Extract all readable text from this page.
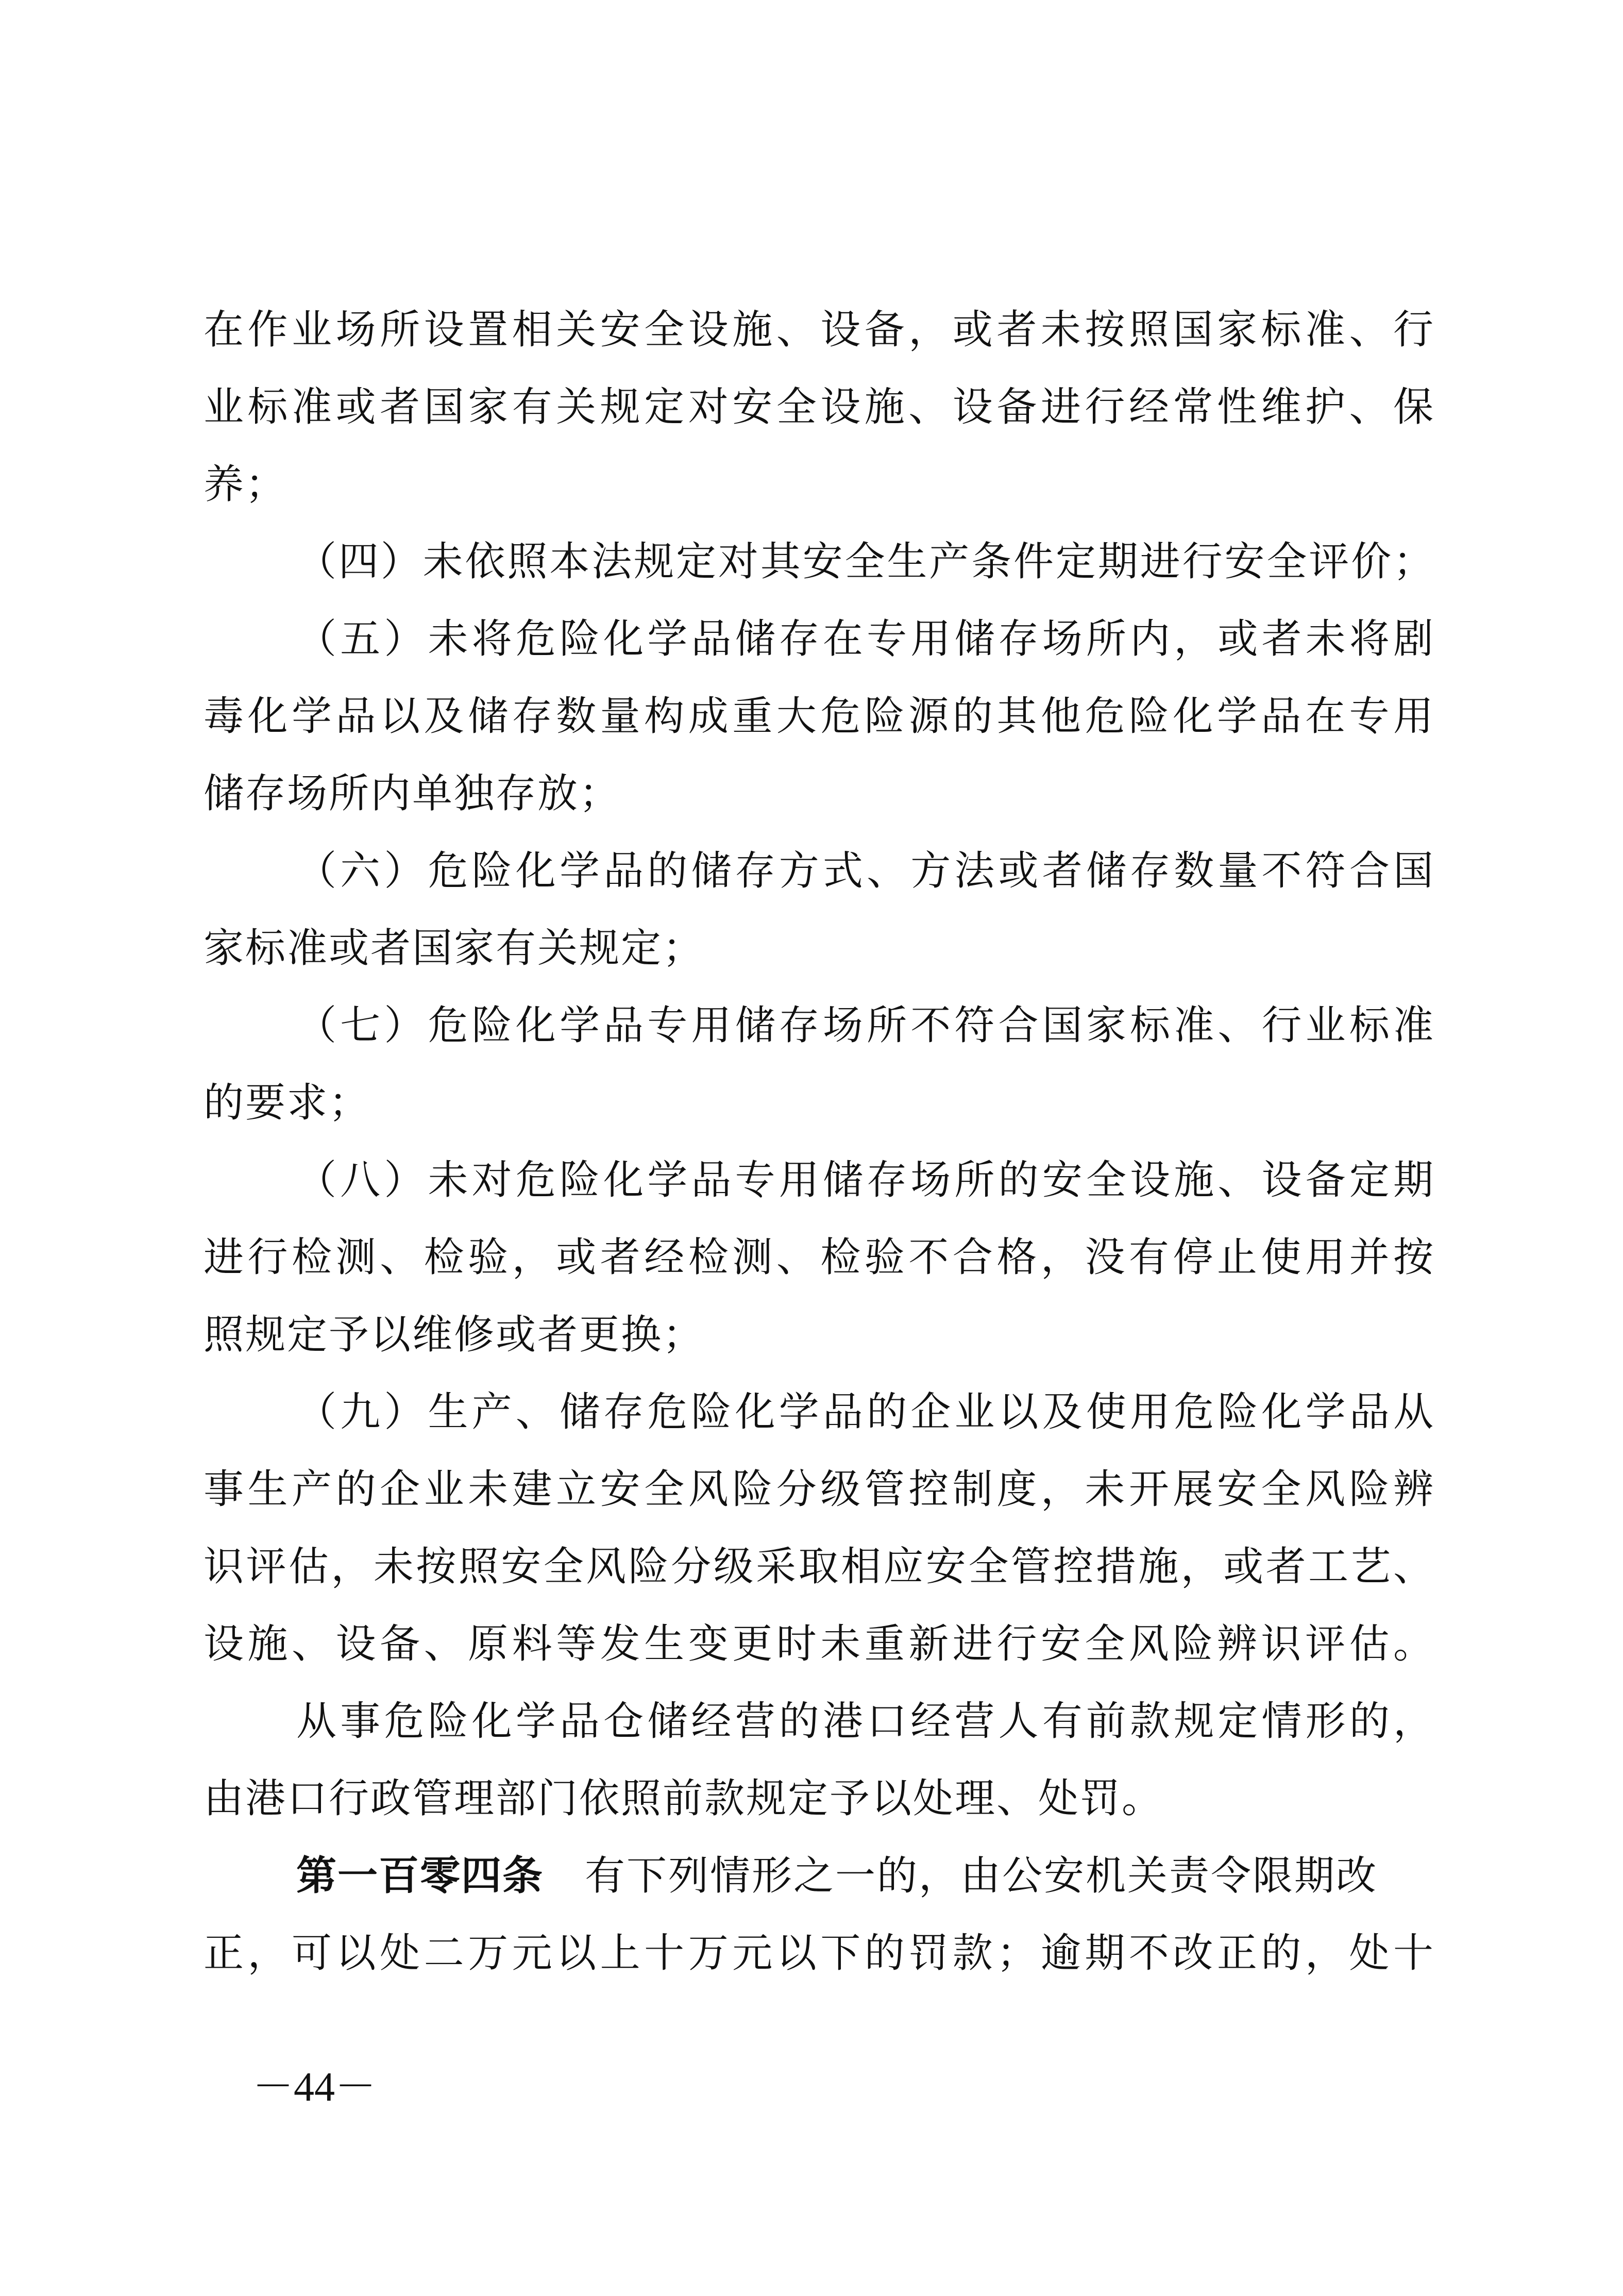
在作业场所设置相关安全设施、设备，或者未按照国家标准、行
业标准或者国家有关规定对安全设施、设备进行经常性维护、保
养；
（四）未依照本法规定对其安全生产条件定期进行安全评价；
（五）未将危险化学品储存在专用储存场所内，或者未将剧
毒化学品以及储存数量构成重大危险源的其他危险化学品在专用
储存场所内单独存放；
（六）危险化学品的储存方式、方法或者储存数量不符合国
家标准或者国家有关规定；
（七）危险化学品专用储存场所不符合国家标准、行业标准
的要求；
（八）未对危险化学品专用储存场所的安全设施、设备定期
进行检测、检验，或者经检测、检验不合格，没有停止使用并按
照规定予以维修或者更换；
（九）生产、储存危险化学品的企业以及使用危险化学品从
事生产的企业未建立安全风险分级管控制度，未开展安全风险辨
识评估，未按照安全风险分级采取相应安全管控措施，或者工艺、
设施、设备、原料等发生变更时未重新进行安全风险辨识评估。
从事危险化学品仓储经营的港口经营人有前款规定情形的，
由港口行政管理部门依照前款规定予以处理、处罚。
第一百零四条 有下列情形之一的，由公安机关责令限期改
正，可以处二万元以上十万元以下的罚款；逾期不改正的，处十
－44－
